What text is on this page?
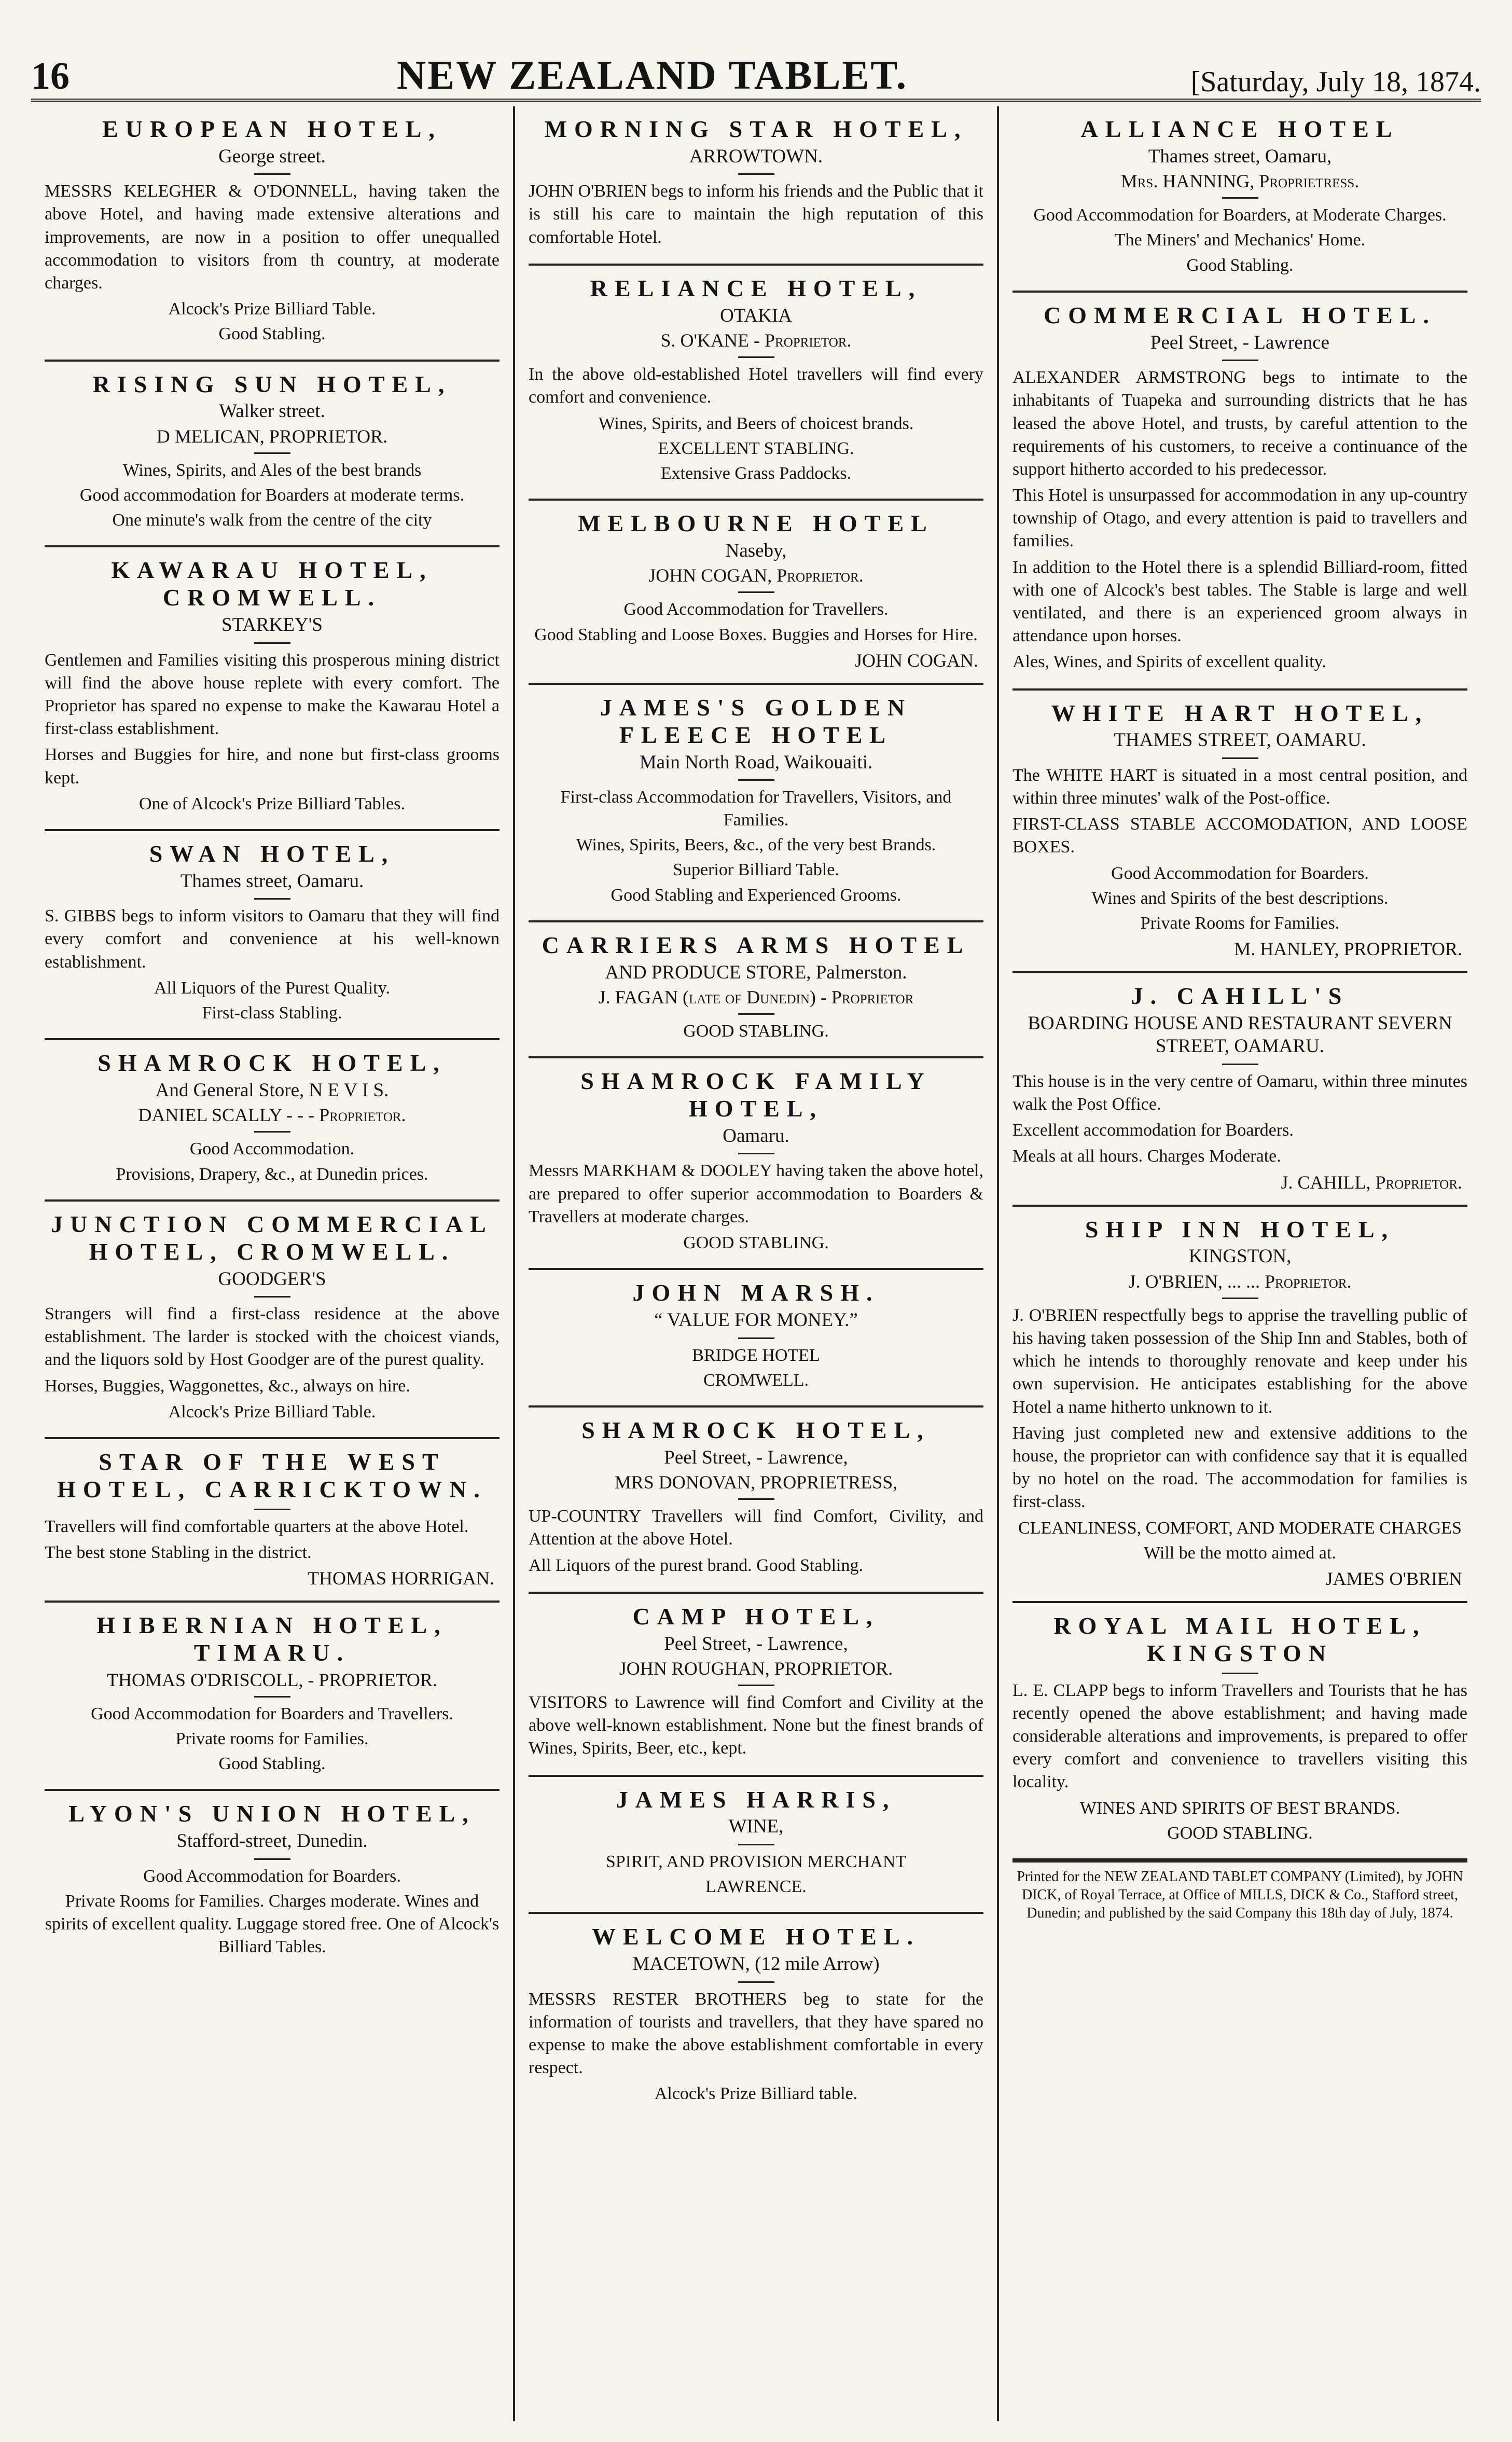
16	NEW ZEALAND TABLET.	[Saturday, July 18, 1874.
EUROPEAN HOTEL,
George street.
MESSRS KELEGHER & O'DONNELL, having taken the above Hotel, and having made extensive alterations and improvements, are now in a position to offer unequalled accommodation to visitors from th country, at moderate charges.
Alcock's Prize Billiard Table.
Good Stabling.
RISING SUN HOTEL,
Walker street.
D MELICAN, PROPRIETOR.
Wines, Spirits, and Ales of the best brands
Good accommodation for Boarders at moderate terms.
One minute's walk from the centre of the city
KAWARAU HOTEL, CROMWELL.
STARKEY'S
Gentlemen and Families visiting this prosperous mining district will find the above house replete with every comfort. The Proprietor has spared no expense to make the Kawarau Hotel a first-class establishment.
Horses and Buggies for hire, and none but first-class grooms kept.
One of Alcock's Prize Billiard Tables.
SWAN HOTEL,
Thames street, Oamaru.
S. GIBBS begs to inform visitors to Oamaru that they will find every comfort and convenience at his well-known establishment.
All Liquors of the Purest Quality.
First-class Stabling.
SHAMROCK HOTEL,
And General Store, N E V I S.
DANIEL SCALLY - - - Proprietor.
Good Accommodation.
Provisions, Drapery, &c., at Dunedin prices.
JUNCTION COMMERCIAL HOTEL, CROMWELL.
GOODGER'S
Strangers will find a first-class residence at the above establishment. The larder is stocked with the choicest viands, and the liquors sold by Host Goodger are of the purest quality.
Horses, Buggies, Waggonettes, &c., always on hire.
Alcock's Prize Billiard Table.
STAR OF THE WEST HOTEL, CARRICKTOWN.
Travellers will find comfortable quarters at the above Hotel.
The best stone Stabling in the district.
THOMAS HORRIGAN.
HIBERNIAN HOTEL, TIMARU.
THOMAS O'DRISCOLL, - PROPRIETOR.
Good Accommodation for Boarders and Travellers.
Private rooms for Families.
Good Stabling.
LYON'S UNION HOTEL,
Stafford-street, Dunedin.
Good Accommodation for Boarders.
Private Rooms for Families. Charges moderate. Wines and spirits of excellent quality. Luggage stored free. One of Alcock's Billiard Tables.
MORNING STAR HOTEL,
ARROWTOWN.
JOHN O'BRIEN begs to inform his friends and the Public that it is still his care to maintain the high reputation of this comfortable Hotel.
RELIANCE HOTEL,
OTAKIA
S. O'KANE - Proprietor.
In the above old-established Hotel travellers will find every comfort and convenience.
Wines, Spirits, and Beers of choicest brands.
EXCELLENT STABLING.
Extensive Grass Paddocks.
MELBOURNE HOTEL
Naseby,
JOHN COGAN, Proprietor.
Good Accommodation for Travellers.
Good Stabling and Loose Boxes. Buggies and Horses for Hire.
JOHN COGAN.
JAMES'S GOLDEN FLEECE HOTEL
Main North Road, Waikouaiti.
First-class Accommodation for Travellers, Visitors, and Families.
Wines, Spirits, Beers, &c., of the very best Brands.
Superior Billiard Table.
Good Stabling and Experienced Grooms.
CARRIERS ARMS HOTEL
AND PRODUCE STORE, Palmerston.
J. FAGAN (late of Dunedin) - Proprietor
GOOD STABLING.
SHAMROCK FAMILY HOTEL,
Oamaru.
Messrs MARKHAM & DOOLEY having taken the above hotel, are prepared to offer superior accommodation to Boarders & Travellers at moderate charges.
GOOD STABLING.
JOHN MARSH.
“ VALUE FOR MONEY.”
BRIDGE HOTEL
CROMWELL.
SHAMROCK HOTEL,
Peel Street, - Lawrence,
MRS DONOVAN, PROPRIETRESS,
UP-COUNTRY Travellers will find Comfort, Civility, and Attention at the above Hotel.
All Liquors of the purest brand. Good Stabling.
CAMP HOTEL,
Peel Street, - Lawrence,
JOHN ROUGHAN, PROPRIETOR.
VISITORS to Lawrence will find Comfort and Civility at the above well-known establishment. None but the finest brands of Wines, Spirits, Beer, etc., kept.
JAMES HARRIS,
WINE,
SPIRIT, AND PROVISION MERCHANT
LAWRENCE.
WELCOME HOTEL.
MACETOWN, (12 mile Arrow)
MESSRS RESTER BROTHERS beg to state for the information of tourists and travellers, that they have spared no expense to make the above establishment comfortable in every respect.
Alcock's Prize Billiard table.
ALLIANCE HOTEL
Thames street, Oamaru,
Mrs. HANNING, Proprietress.
Good Accommodation for Boarders, at Moderate Charges.
The Miners' and Mechanics' Home.
Good Stabling.
COMMERCIAL HOTEL.
Peel Street, - Lawrence
ALEXANDER ARMSTRONG begs to intimate to the inhabitants of Tuapeka and surrounding districts that he has leased the above Hotel, and trusts, by careful attention to the requirements of his customers, to receive a continuance of the support hitherto accorded to his predecessor.
This Hotel is unsurpassed for accommodation in any up-country township of Otago, and every attention is paid to travellers and families.
In addition to the Hotel there is a splendid Billiard-room, fitted with one of Alcock's best tables. The Stable is large and well ventilated, and there is an experienced groom always in attendance upon horses.
Ales, Wines, and Spirits of excellent quality.
WHITE HART HOTEL,
THAMES STREET, OAMARU.
The WHITE HART is situated in a most central position, and within three minutes' walk of the Post-office.
FIRST-CLASS STABLE ACCOMODATION, AND LOOSE BOXES.
Good Accommodation for Boarders.
Wines and Spirits of the best descriptions.
Private Rooms for Families.
M. HANLEY, PROPRIETOR.
J. CAHILL'S
BOARDING HOUSE AND RESTAURANT SEVERN STREET, OAMARU.
This house is in the very centre of Oamaru, within three minutes walk the Post Office.
Excellent accommodation for Boarders.
Meals at all hours. Charges Moderate.
J. CAHILL, Proprietor.
SHIP INN HOTEL,
KINGSTON,
J. O'BRIEN, ... ... Proprietor.
J. O'BRIEN respectfully begs to apprise the travelling public of his having taken possession of the Ship Inn and Stables, both of which he intends to thoroughly renovate and keep under his own supervision. He anticipates establishing for the above Hotel a name hitherto unknown to it.
Having just completed new and extensive additions to the house, the proprietor can with confidence say that it is equalled by no hotel on the road. The accommodation for families is first-class.
CLEANLINESS, COMFORT, AND MODERATE CHARGES
Will be the motto aimed at.
JAMES O'BRIEN
ROYAL MAIL HOTEL, KINGSTON
L. E. CLAPP begs to inform Travellers and Tourists that he has recently opened the above establishment; and having made considerable alterations and improvements, is prepared to offer every comfort and convenience to travellers visiting this locality.
WINES AND SPIRITS OF BEST BRANDS.
GOOD STABLING.
Printed for the NEW ZEALAND TABLET COMPANY (Limited), by JOHN DICK, of Royal Terrace, at Office of MILLS, DICK & Co., Stafford street, Dunedin; and published by the said Company this 18th day of July, 1874.
